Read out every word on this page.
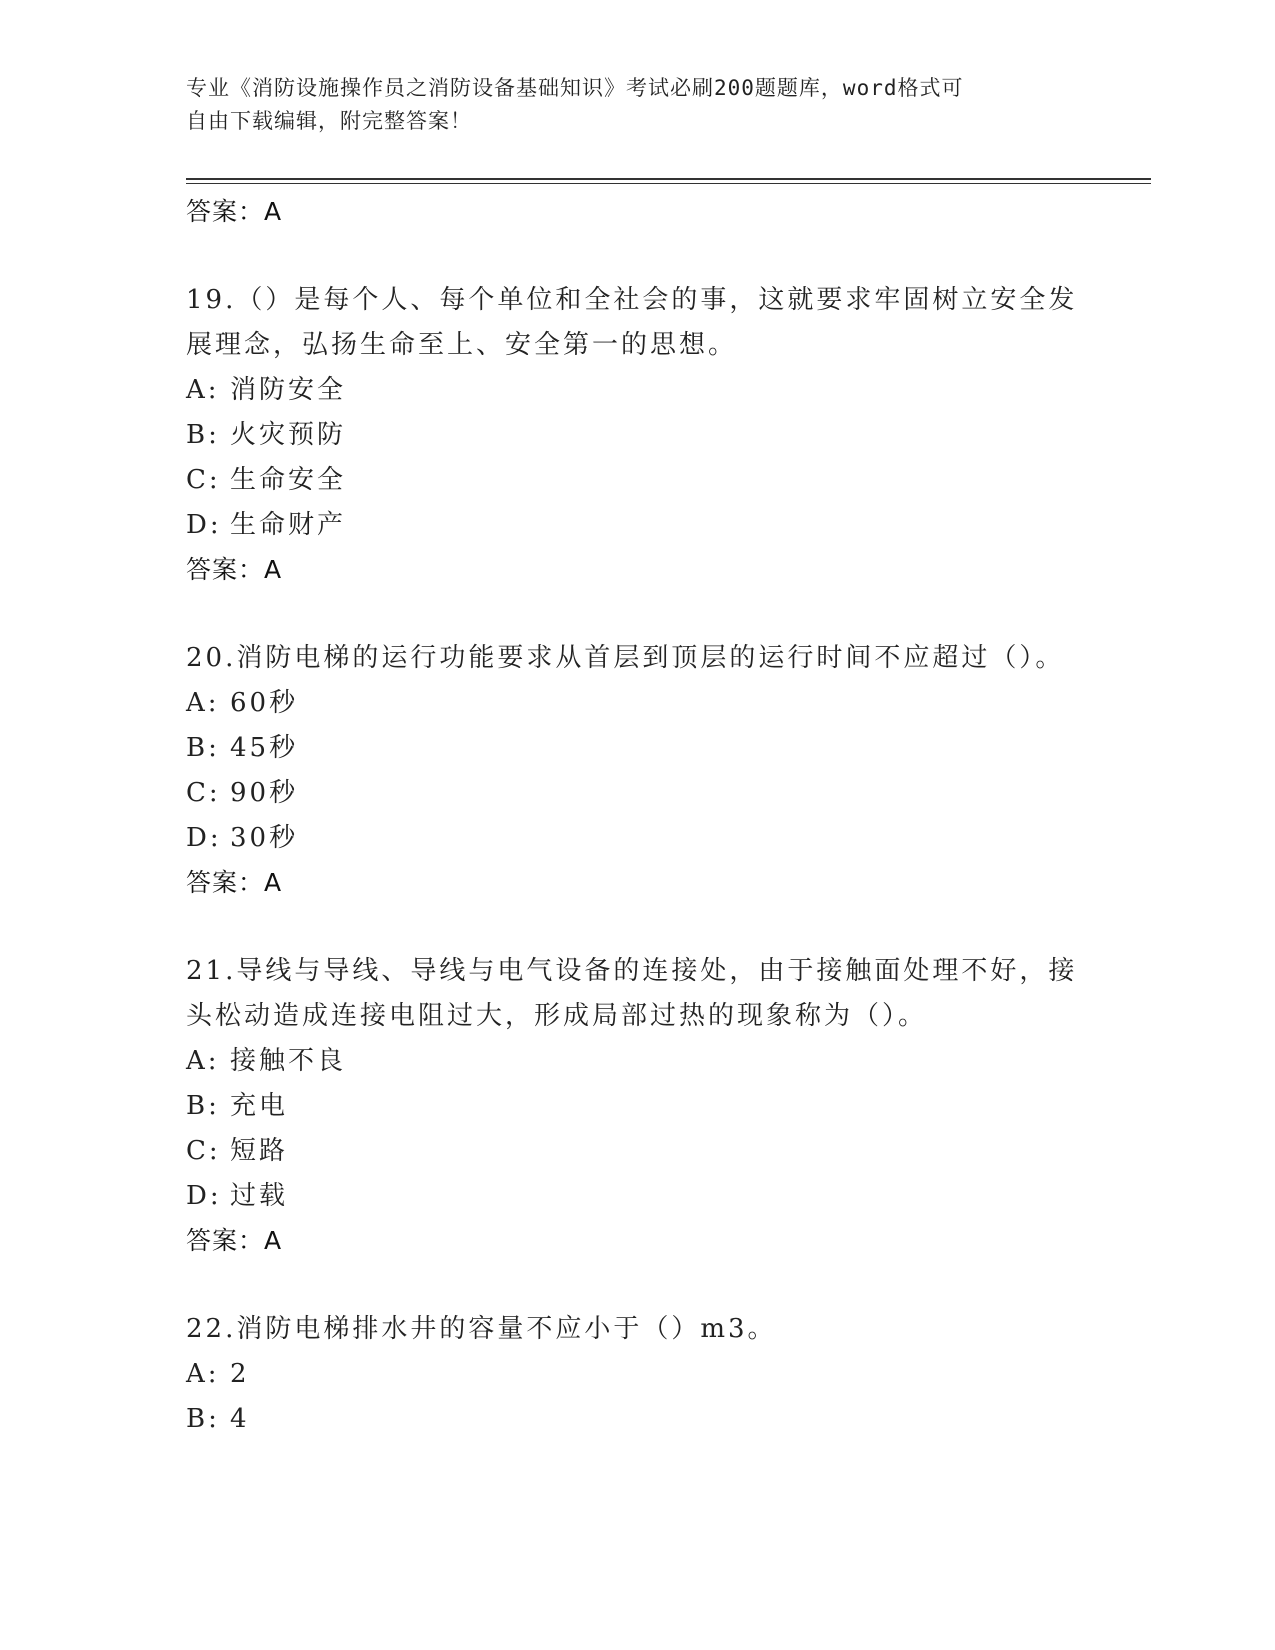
专业《消防设施操作员之消防设备基础知识》考试必刷200题题库，word格式可
自由下载编辑，附完整答案！
答案：A
19.（）是每个人、每个单位和全社会的事，这就要求牢固树立安全发展理念，弘扬生命至上、安全第一的思想。
A: 消防安全
B: 火灾预防
C: 生命安全
D: 生命财产
答案：A
20.消防电梯的运行功能要求从首层到顶层的运行时间不应超过（）。
A: 60秒
B: 45秒
C: 90秒
D: 30秒
答案：A
21.导线与导线、导线与电气设备的连接处，由于接触面处理不好，接头松动造成连接电阻过大，形成局部过热的现象称为（）。
A: 接触不良
B: 充电
C: 短路
D: 过载
答案：A
22.消防电梯排水井的容量不应小于（）m3。
A: 2
B: 4
